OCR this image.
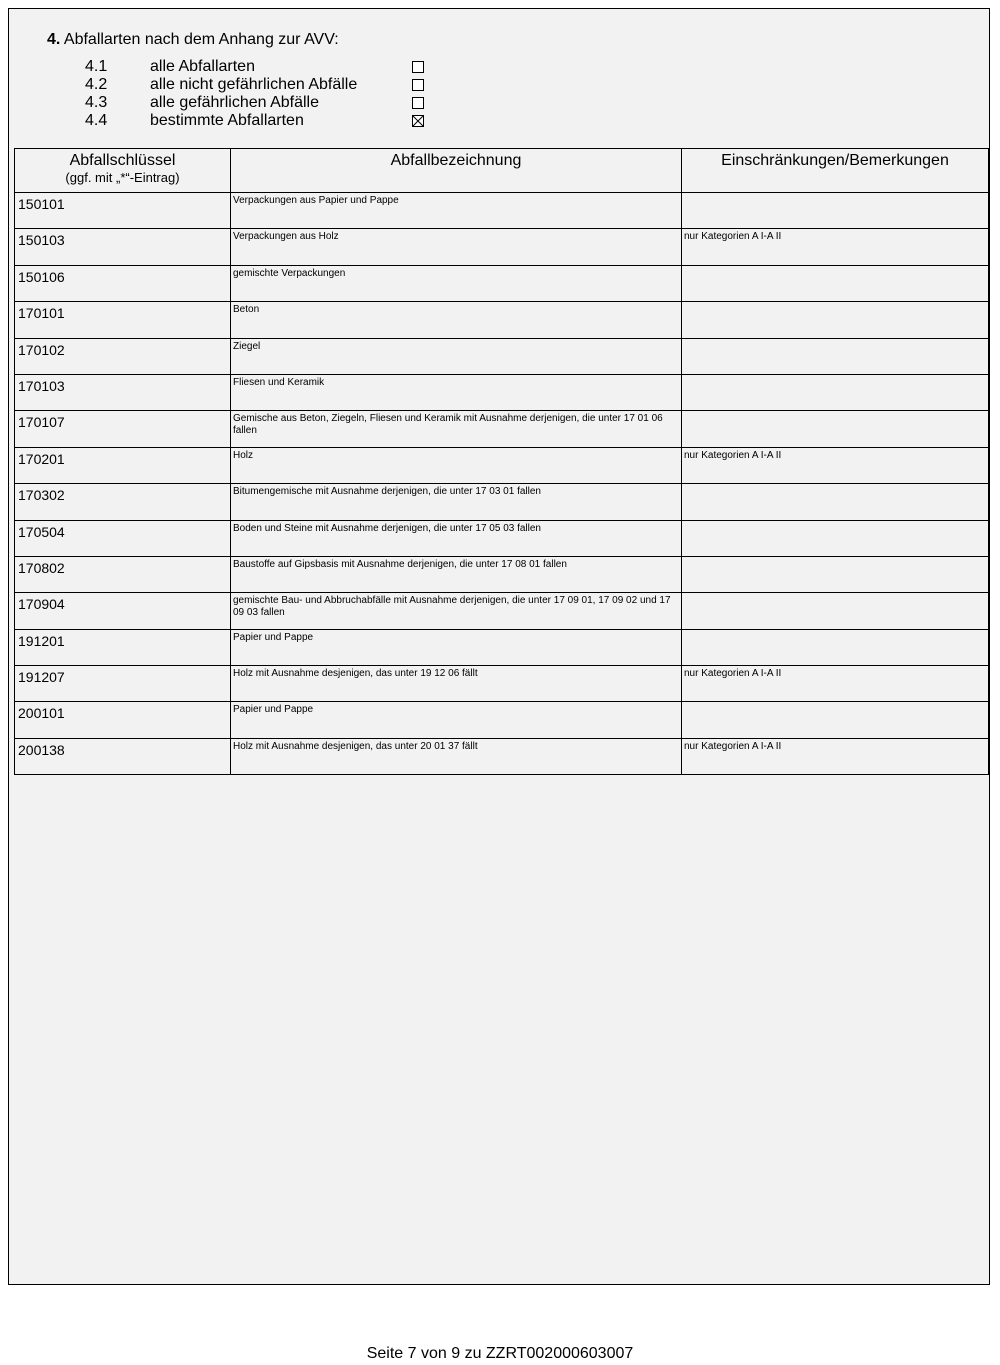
4. Abfallarten nach dem Anhang zur AVV:
4.1	alle Abfallarten
4.2	alle nicht gefährlichen Abfälle
4.3	alle gefährlichen Abfälle
4.4	bestimmte Abfallarten
Abfallschlüssel
(ggf. mit „*“-Eintrag)	Abfallbezeichnung	Einschränkungen/Bemerkungen

150101	Verpackungen aus Papier und Pappe	
150103	Verpackungen aus Holz	nur Kategorien A I-A II
150106	gemischte Verpackungen	
170101	Beton	
170102	Ziegel	
170103	Fliesen und Keramik	
170107	Gemische aus Beton, Ziegeln, Fliesen und Keramik mit Ausnahme derjenigen, die unter 17 01 06 fallen	
170201	Holz	nur Kategorien A I-A II
170302	Bitumengemische mit Ausnahme derjenigen, die unter 17 03 01 fallen	
170504	Boden und Steine mit Ausnahme derjenigen, die unter 17 05 03 fallen	
170802	Baustoffe auf Gipsbasis mit Ausnahme derjenigen, die unter 17 08 01 fallen	
170904	gemischte Bau- und Abbruchabfälle mit Ausnahme derjenigen, die unter 17 09 01, 17 09 02 und 17 09 03 fallen	
191201	Papier und Pappe	
191207	Holz mit Ausnahme desjenigen, das unter 19 12 06 fällt	nur Kategorien A I-A II
200101	Papier und Pappe	
200138	Holz mit Ausnahme desjenigen, das unter 20 01 37 fällt	nur Kategorien A I-A II
Seite 7 von 9 zu ZZRT002000603007
